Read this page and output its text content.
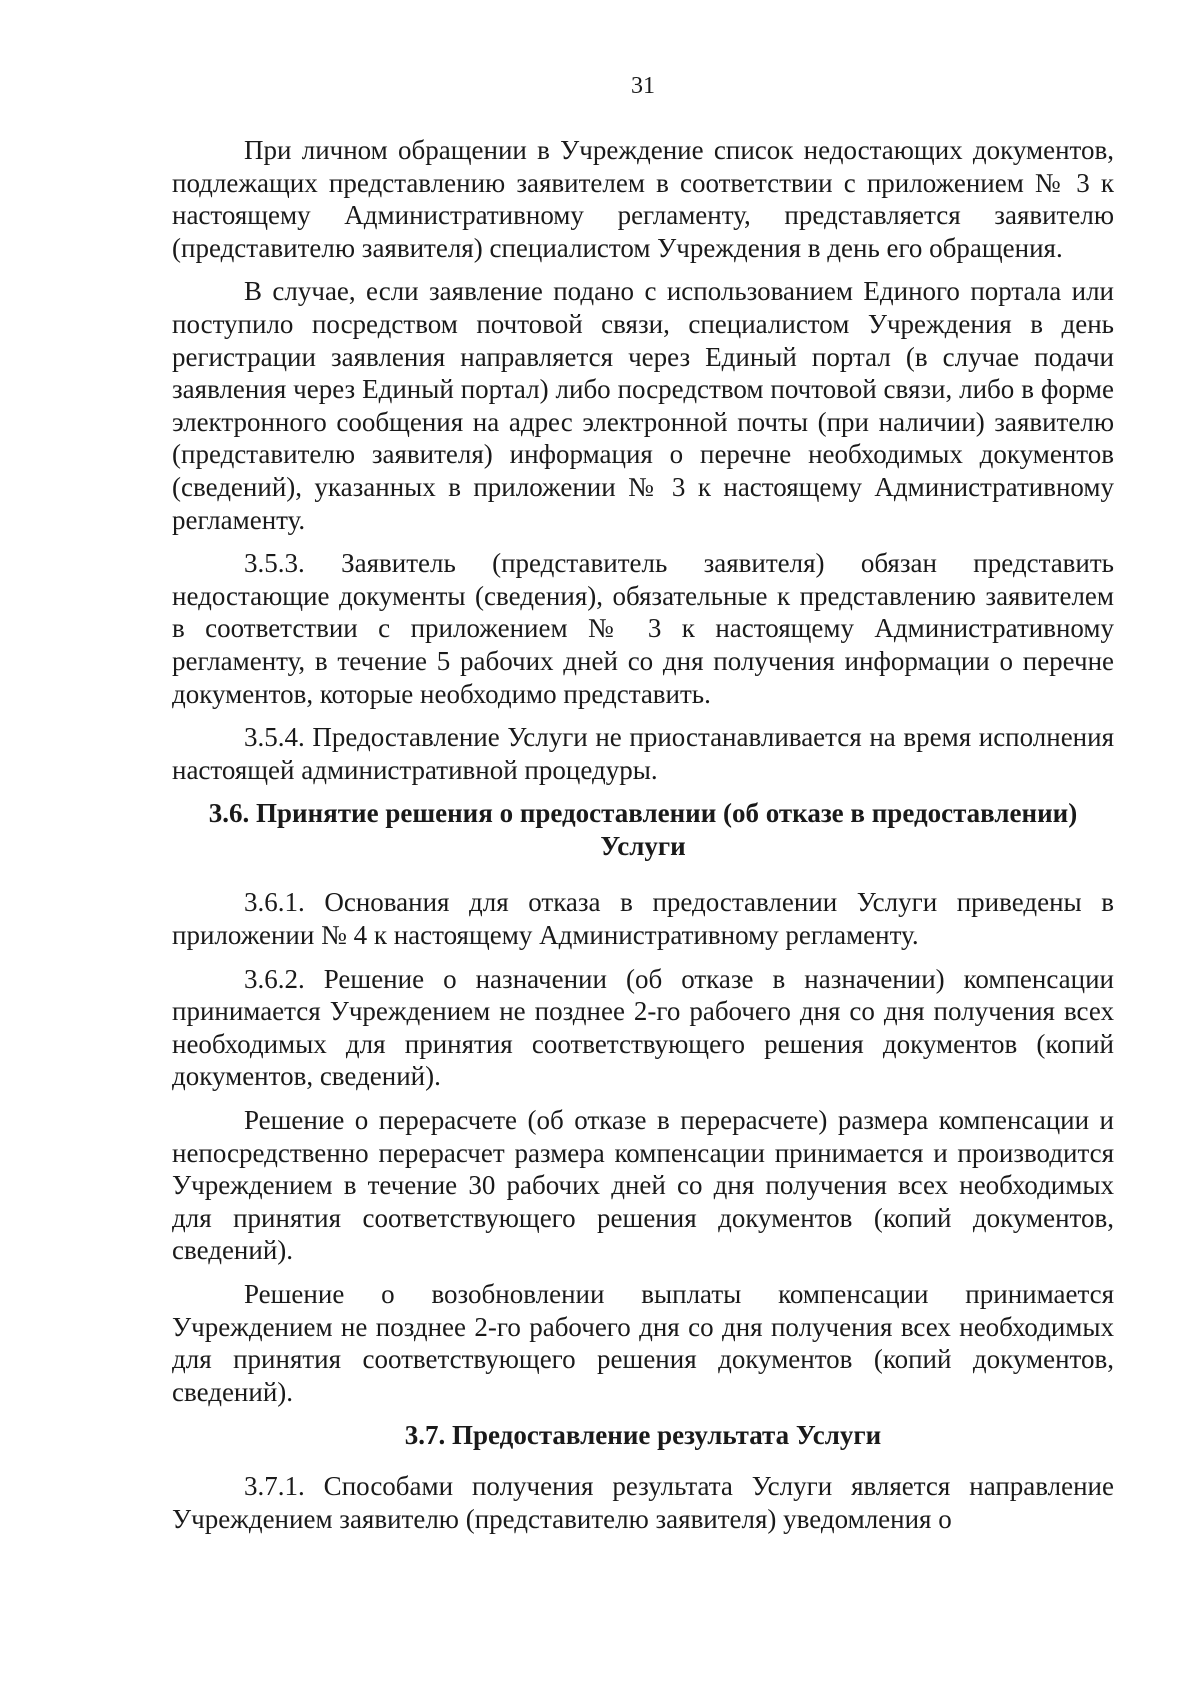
31

При личном обращении в Учреждение список недостающих документов, подлежащих представлению заявителем в соответствии с приложением № 3 к настоящему Административному регламенту, представляется заявителю (представителю заявителя) специалистом Учреждения в день его обращения.

В случае, если заявление подано с использованием Единого портала или поступило посредством почтовой связи, специалистом Учреждения в день регистрации заявления направляется через Единый портал (в случае подачи заявления через Единый портал) либо посредством почтовой связи, либо в форме электронного сообщения на адрес электронной почты (при наличии) заявителю (представителю заявителя) информация о перечне необходимых документов (сведений), указанных в приложении № 3 к настоящему Административному регламенту.

3.5.3. Заявитель (представитель заявителя) обязан представить недостающие документы (сведения), обязательные к представлению заявителем в соответствии с приложением № 3 к настоящему Административному регламенту, в течение 5 рабочих дней со дня получения информации о перечне документов, которые необходимо представить.

3.5.4. Предоставление Услуги не приостанавливается на время исполнения настоящей административной процедуры.

3.6. Принятие решения о предоставлении (об отказе в предоставлении)
Услуги

3.6.1. Основания для отказа в предоставлении Услуги приведены в приложении № 4 к настоящему Административному регламенту.

3.6.2. Решение о назначении (об отказе в назначении) компенсации принимается Учреждением не позднее 2-го рабочего дня со дня получения всех необходимых для принятия соответствующего решения документов (копий документов, сведений).

Решение о перерасчете (об отказе в перерасчете) размера компенсации и непосредственно перерасчет размера компенсации принимается и производится Учреждением в течение 30 рабочих дней со дня получения всех необходимых для принятия соответствующего решения документов (копий документов, сведений).

Решение о возобновлении выплаты компенсации принимается Учреждением не позднее 2-го рабочего дня со дня получения всех необходимых для принятия соответствующего решения документов (копий документов, сведений).

3.7. Предоставление результата Услуги

3.7.1. Способами получения результата Услуги является направление Учреждением заявителю (представителю заявителя) уведомления о
